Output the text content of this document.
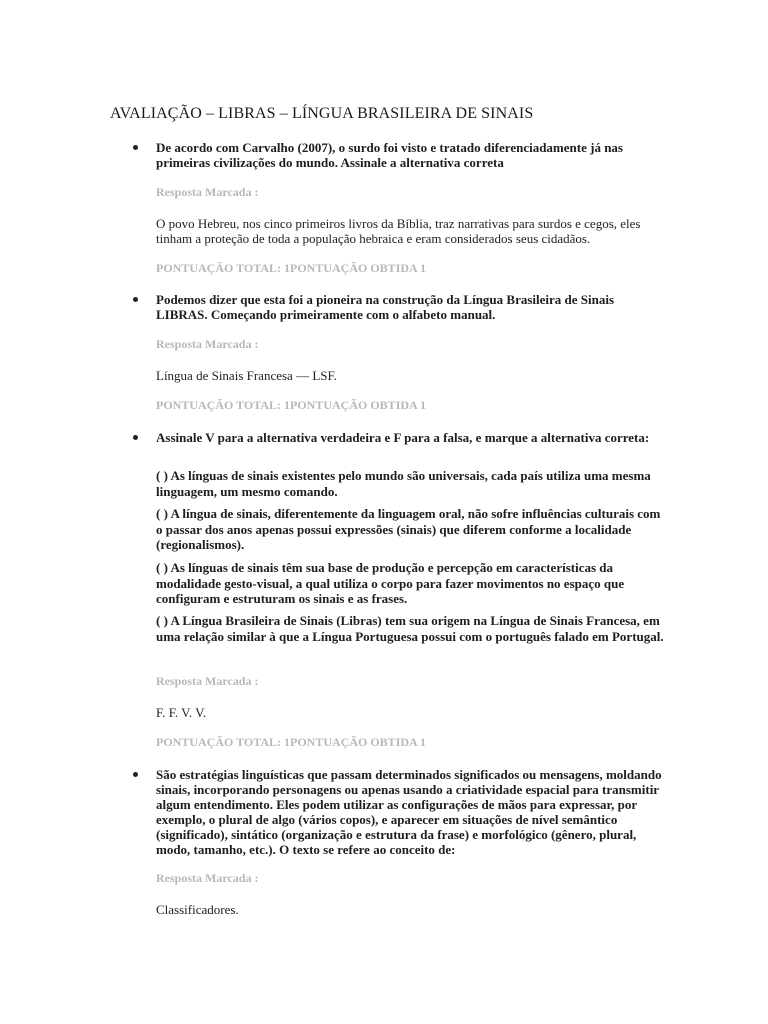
AVALIAÇÃO – LIBRAS – LÍNGUA BRASILEIRA DE SINAIS

De acordo com Carvalho (2007), o surdo foi visto e tratado diferenciadamente já nas primeiras civilizações do mundo. Assinale a alternativa correta

Resposta Marcada :

O povo Hebreu, nos cinco primeiros livros da Bíblia, traz narrativas para surdos e cegos, eles tinham a proteção de toda a população hebraica e eram considerados seus cidadãos.

PONTUAÇÃO TOTAL: 1PONTUAÇÃO OBTIDA 1

Podemos dizer que esta foi a pioneira na construção da Língua Brasileira de Sinais LIBRAS. Começando primeiramente com o alfabeto manual.

Resposta Marcada :

Língua de Sinais Francesa — LSF.

PONTUAÇÃO TOTAL: 1PONTUAÇÃO OBTIDA 1

Assinale V para a alternativa verdadeira e F para a falsa, e marque a alternativa correta:

( ) As línguas de sinais existentes pelo mundo são universais, cada país utiliza uma mesma linguagem, um mesmo comando.

( ) A língua de sinais, diferentemente da linguagem oral, não sofre influências culturais com o passar dos anos apenas possui expressões (sinais) que diferem conforme a localidade (regionalismos).

( ) As línguas de sinais têm sua base de produção e percepção em características da modalidade gesto-visual, a qual utiliza o corpo para fazer movimentos no espaço que configuram e estruturam os sinais e as frases.

( ) A Língua Brasileira de Sinais (Libras) tem sua origem na Língua de Sinais Francesa, em uma relação similar à que a Língua Portuguesa possui com o português falado em Portugal.

Resposta Marcada :

F. F. V. V.

PONTUAÇÃO TOTAL: 1PONTUAÇÃO OBTIDA 1

São estratégias linguísticas que passam determinados significados ou mensagens, moldando sinais, incorporando personagens ou apenas usando a criatividade espacial para transmitir algum entendimento. Eles podem utilizar as configurações de mãos para expressar, por exemplo, o plural de algo (vários copos), e aparecer em situações de nível semântico (significado), sintático (organização e estrutura da frase) e morfológico (gênero, plural, modo, tamanho, etc.). O texto se refere ao conceito de:

Resposta Marcada :

Classificadores.
